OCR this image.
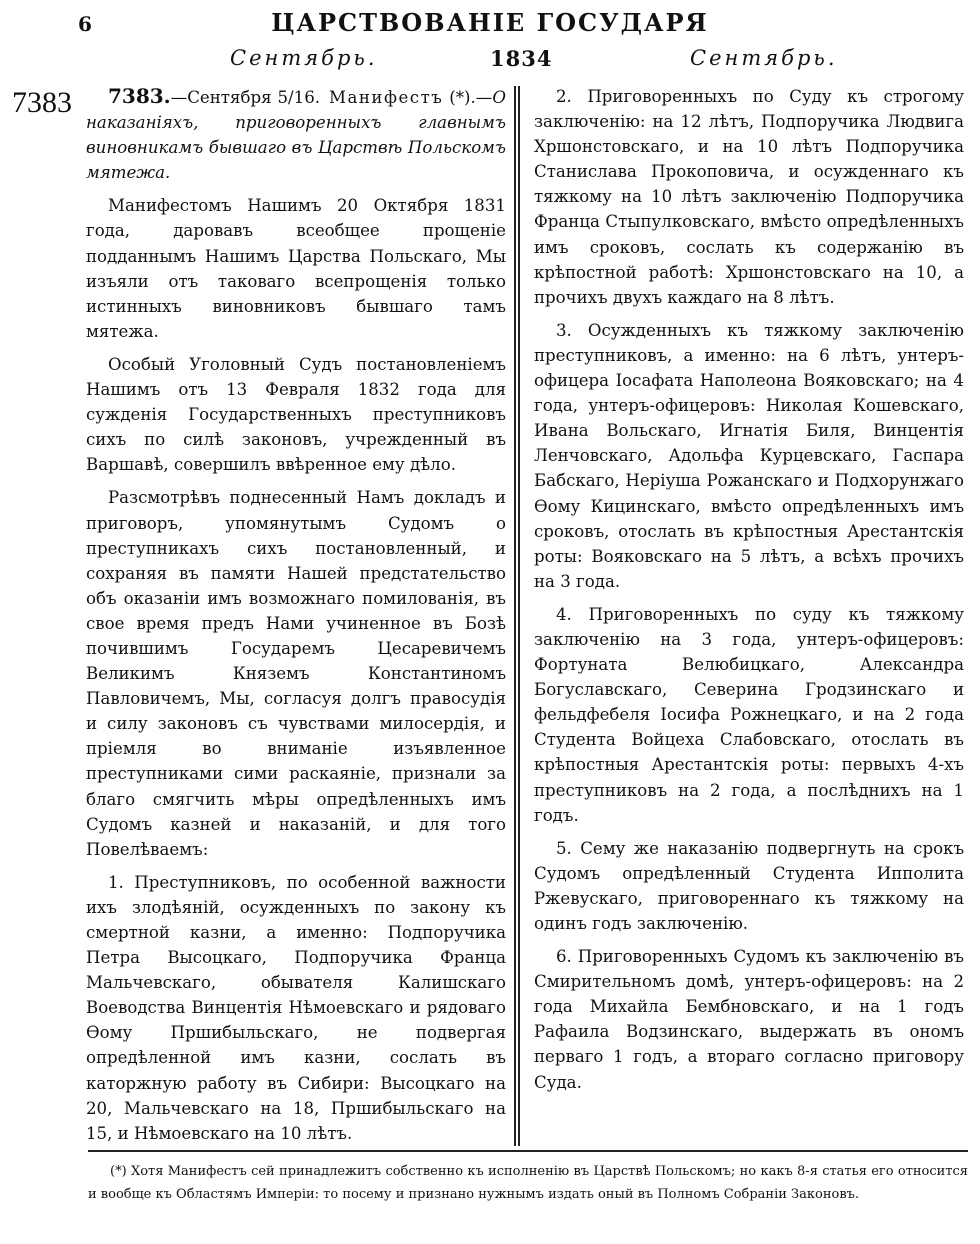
6	ЦАРСТВОВАНІЕ ГОСУДАРЯ
Сентябрь.	1834	Сентябрь.
7383	7383.—Сентября 5/16. Манифестъ (*).—О наказаніяхъ, приговоренныхъ главнымъ виновникамъ бывшаго въ Царствѣ Польскомъ мятежа.

Манифестомъ Нашимъ 20 Октября 1831 года, даровавъ всеобщее прощеніе подданнымъ Нашимъ Царства Польскаго, Мы изъяли отъ таковаго всепрощенія только истинныхъ виновниковъ бывшаго тамъ мятежа.

Особый Уголовный Судъ постановленіемъ Нашимъ отъ 13 Февраля 1832 года для сужденія Государственныхъ преступниковъ сихъ по силѣ законовъ, учрежденный въ Варшавѣ, совершилъ ввѣренное ему дѣло.

Разсмотрѣвъ поднесенный Намъ докладъ и приговоръ, упомянутымъ Судомъ о преступникахъ сихъ постановленный, и сохраняя въ памяти Нашей предстательство объ оказаніи имъ возможнаго помилованія, въ свое время предъ Нами учиненное въ Бозѣ почившимъ Государемъ Цесаревичемъ Великимъ Княземъ Константиномъ Павловичемъ, Мы, согласуя долгъ правосудія и силу законовъ съ чувствами милосердія, и пріемля во вниманіе изъявленное преступниками сими раскаяніе, признали за благо смягчить мѣры опредѣленныхъ имъ Судомъ казней и наказаній, и для того Повелѣваемъ:

1. Преступниковъ, по особенной важности ихъ злодѣяній, осужденныхъ по закону къ смертной казни, а именно: Подпоручика Петра Высоцкаго, Подпоручика Франца Мальчевскаго, обывателя Калишскаго Воеводства Винцентія Нѣмоевскаго и рядоваго Ѳому Пршибыльскаго, не подвергая опредѣленной имъ казни, сослать въ каторжную работу въ Сибири: Высоцкаго на 20, Мальчевскаго на 18, Пршибыльскаго на 15, и Нѣмоевскаго на 10 лѣтъ.

2. Приговоренныхъ по Суду къ строгому заключенію: на 12 лѣтъ, Подпоручика Людвига Хршонстовскаго, и на 10 лѣтъ Подпоручика Станислава Прокоповича, и осужденнаго къ тяжкому на 10 лѣтъ заключенію Подпоручика Франца Стыпулковскаго, вмѣсто опредѣленныхъ имъ сроковъ, сослать къ содержанію въ крѣпостной работѣ: Хршонстовскаго на 10, а прочихъ двухъ каждаго на 8 лѣтъ.

3. Осужденныхъ къ тяжкому заключенію преступниковъ, а именно: на 6 лѣтъ, унтеръ-офицера Іосафата Наполеона Вояковскаго; на 4 года, унтеръ-офицеровъ: Николая Кошевскаго, Ивана Вольскаго, Игнатія Биля, Винцентія Ленчовскаго, Адольфа Курцевскаго, Гаспара Бабскаго, Неріуша Рожанскаго и Подхорунжаго Ѳому Кицинскаго, вмѣсто опредѣленныхъ имъ сроковъ, отослать въ крѣпостныя Арестантскія роты: Вояковскаго на 5 лѣтъ, а всѣхъ прочихъ на 3 года.

4. Приговоренныхъ по суду къ тяжкому заключенію на 3 года, унтеръ-офицеровъ: Фортуната Велюбицкаго, Александра Богуславскаго, Северина Гродзинскаго и фельдфебеля Іосифа Рожнецкаго, и на 2 года Студента Войцеха Слабовскаго, отослать въ крѣпостныя Арестантскія роты: первыхъ 4-хъ преступниковъ на 2 года, а послѣднихъ на 1 годъ.

5. Сему же наказанію подвергнуть на срокъ Судомъ опредѣленный Студента Ипполита Ржевускаго, приговореннаго къ тяжкому на одинъ годъ заключенію.

6. Приговоренныхъ Судомъ къ заключенію въ Смирительномъ домѣ, унтеръ-офицеровъ: на 2 года Михайла Бембновскаго, и на 1 годъ Рафаила Водзинскаго, выдержать въ ономъ перваго 1 годъ, а втораго согласно приговору Суда.

(*) Хотя Манифестъ сей принадлежитъ собственно къ исполненію въ Царствѣ Польскомъ; но какъ 8-я статья его относится и вообще къ Областямъ Имперіи: то посему и признано нужнымъ издать оный въ Полномъ Собраніи Законовъ.
